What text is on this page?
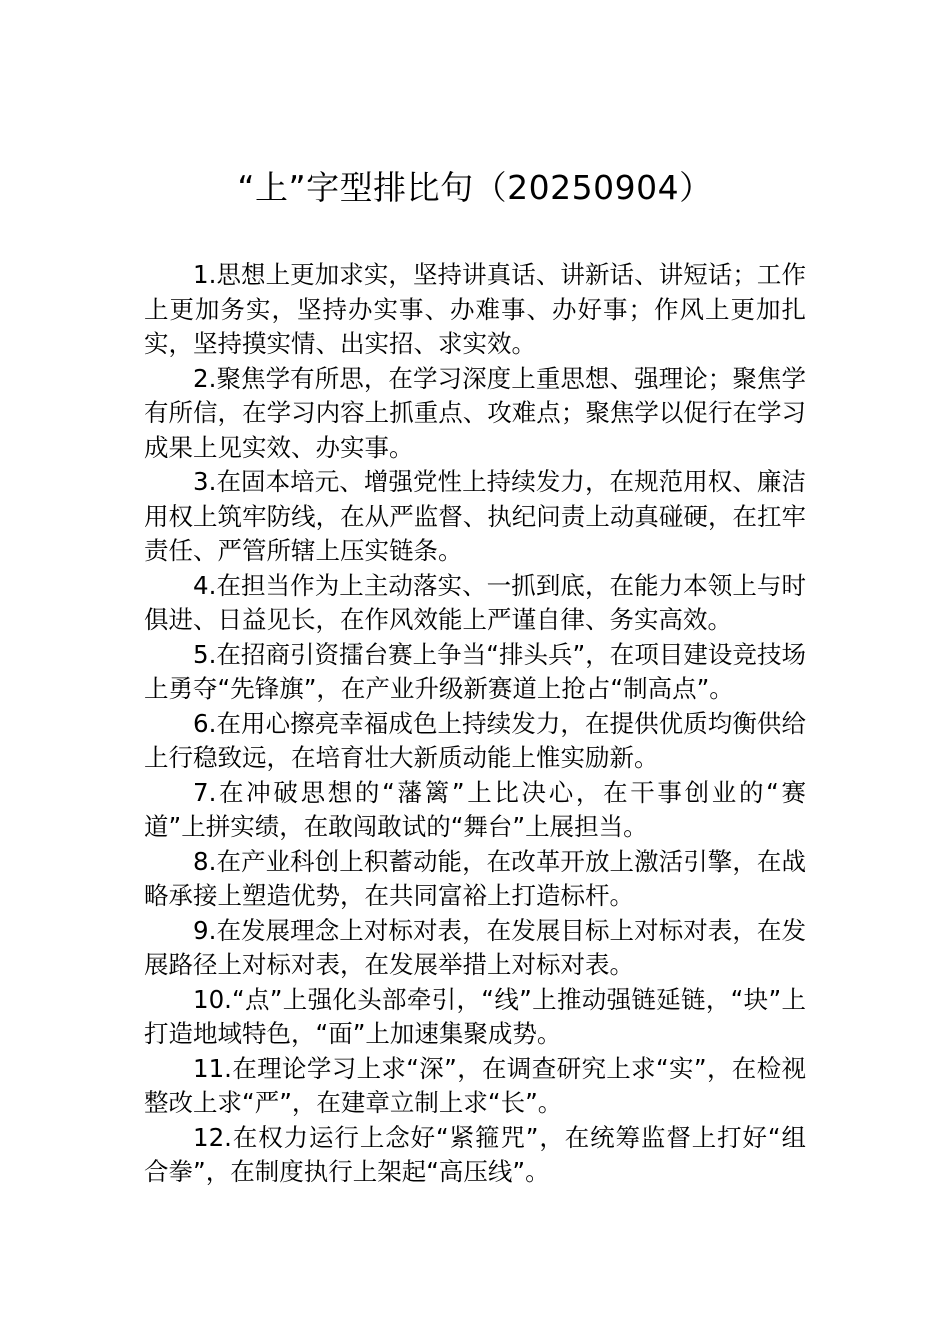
“上”字型排比句（20250904）

1.思想上更加求实，坚持讲真话、讲新话、讲短话；工作上更加务实，坚持办实事、办难事、办好事；作风上更加扎实，坚持摸实情、出实招、求实效。

2.聚焦学有所思，在学习深度上重思想、强理论；聚焦学有所信，在学习内容上抓重点、攻难点；聚焦学以促行在学习成果上见实效、办实事。

3.在固本培元、增强党性上持续发力，在规范用权、廉洁用权上筑牢防线，在从严监督、执纪问责上动真碰硬，在扛牢责任、严管所辖上压实链条。

4.在担当作为上主动落实、一抓到底，在能力本领上与时俱进、日益见长，在作风效能上严谨自律、务实高效。

5.在招商引资擂台赛上争当“排头兵”，在项目建设竞技场上勇夺“先锋旗”，在产业升级新赛道上抢占“制高点”。

6.在用心擦亮幸福成色上持续发力，在提供优质均衡供给上行稳致远，在培育壮大新质动能上惟实励新。

7.在冲破思想的“藩篱”上比决心，在干事创业的“赛道”上拼实绩，在敢闯敢试的“舞台”上展担当。

8.在产业科创上积蓄动能，在改革开放上激活引擎，在战略承接上塑造优势，在共同富裕上打造标杆。

9.在发展理念上对标对表，在发展目标上对标对表，在发展路径上对标对表，在发展举措上对标对表。

10.“点”上强化头部牵引，“线”上推动强链延链，“块”上打造地域特色，“面”上加速集聚成势。

11.在理论学习上求“深”，在调查研究上求“实”，在检视整改上求“严”，在建章立制上求“长”。

12.在权力运行上念好“紧箍咒”，在统筹监督上打好“组合拳”，在制度执行上架起“高压线”。
